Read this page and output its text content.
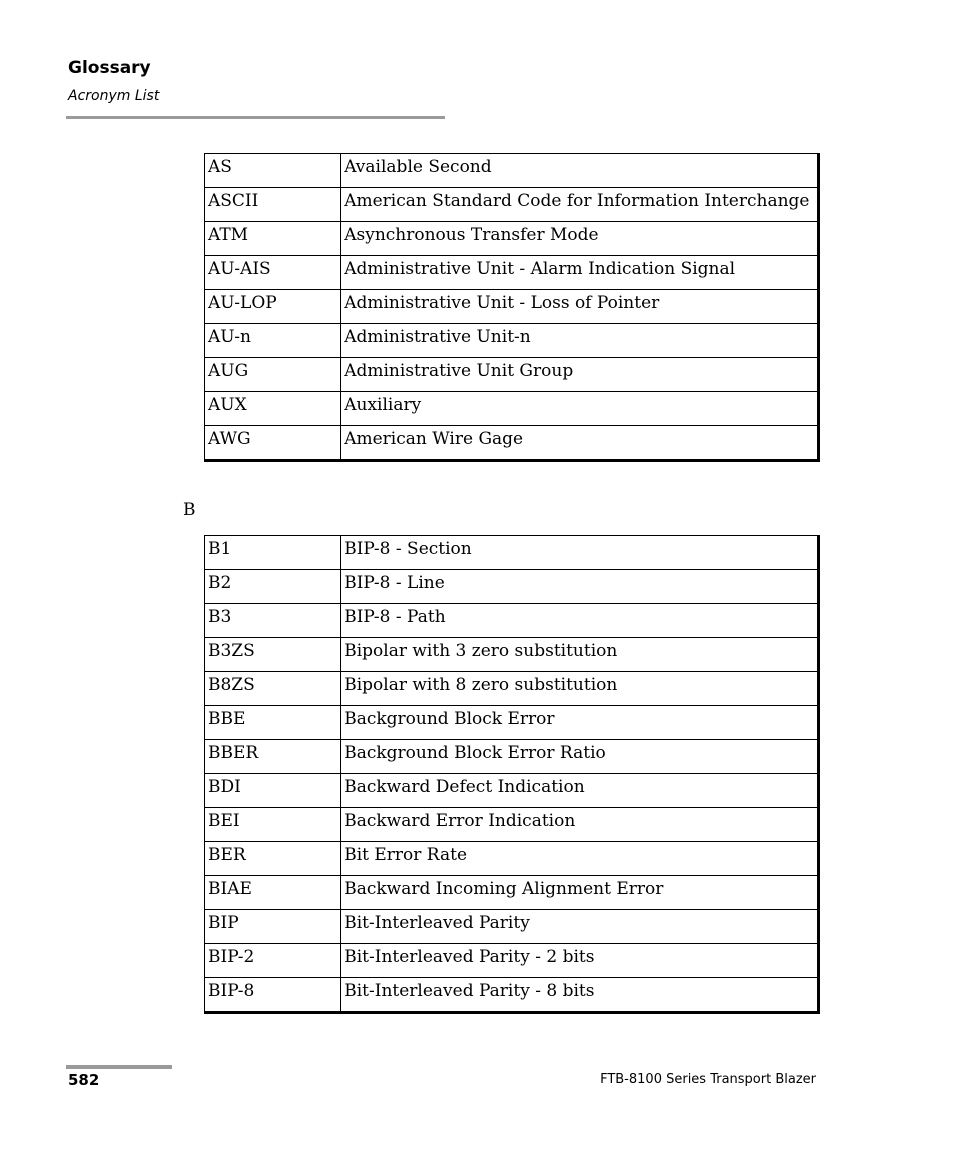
Glossary
Acronym List
AS	Available Second
ASCII	American Standard Code for Information Interchange
ATM	Asynchronous Transfer Mode
AU-AIS	Administrative Unit - Alarm Indication Signal
AU-LOP	Administrative Unit - Loss of Pointer
AU-n	Administrative Unit-n
AUG	Administrative Unit Group
AUX	Auxiliary
AWG	American Wire Gage
B
B1	BIP-8 - Section
B2	BIP-8 - Line
B3	BIP-8 - Path
B3ZS	Bipolar with 3 zero substitution
B8ZS	Bipolar with 8 zero substitution
BBE	Background Block Error
BBER	Background Block Error Ratio
BDI	Backward Defect Indication
BEI	Backward Error Indication
BER	Bit Error Rate
BIAE	Backward Incoming Alignment Error
BIP	Bit-Interleaved Parity
BIP-2	Bit-Interleaved Parity - 2 bits
BIP-8	Bit-Interleaved Parity - 8 bits
582	FTB-8100 Series Transport Blazer
